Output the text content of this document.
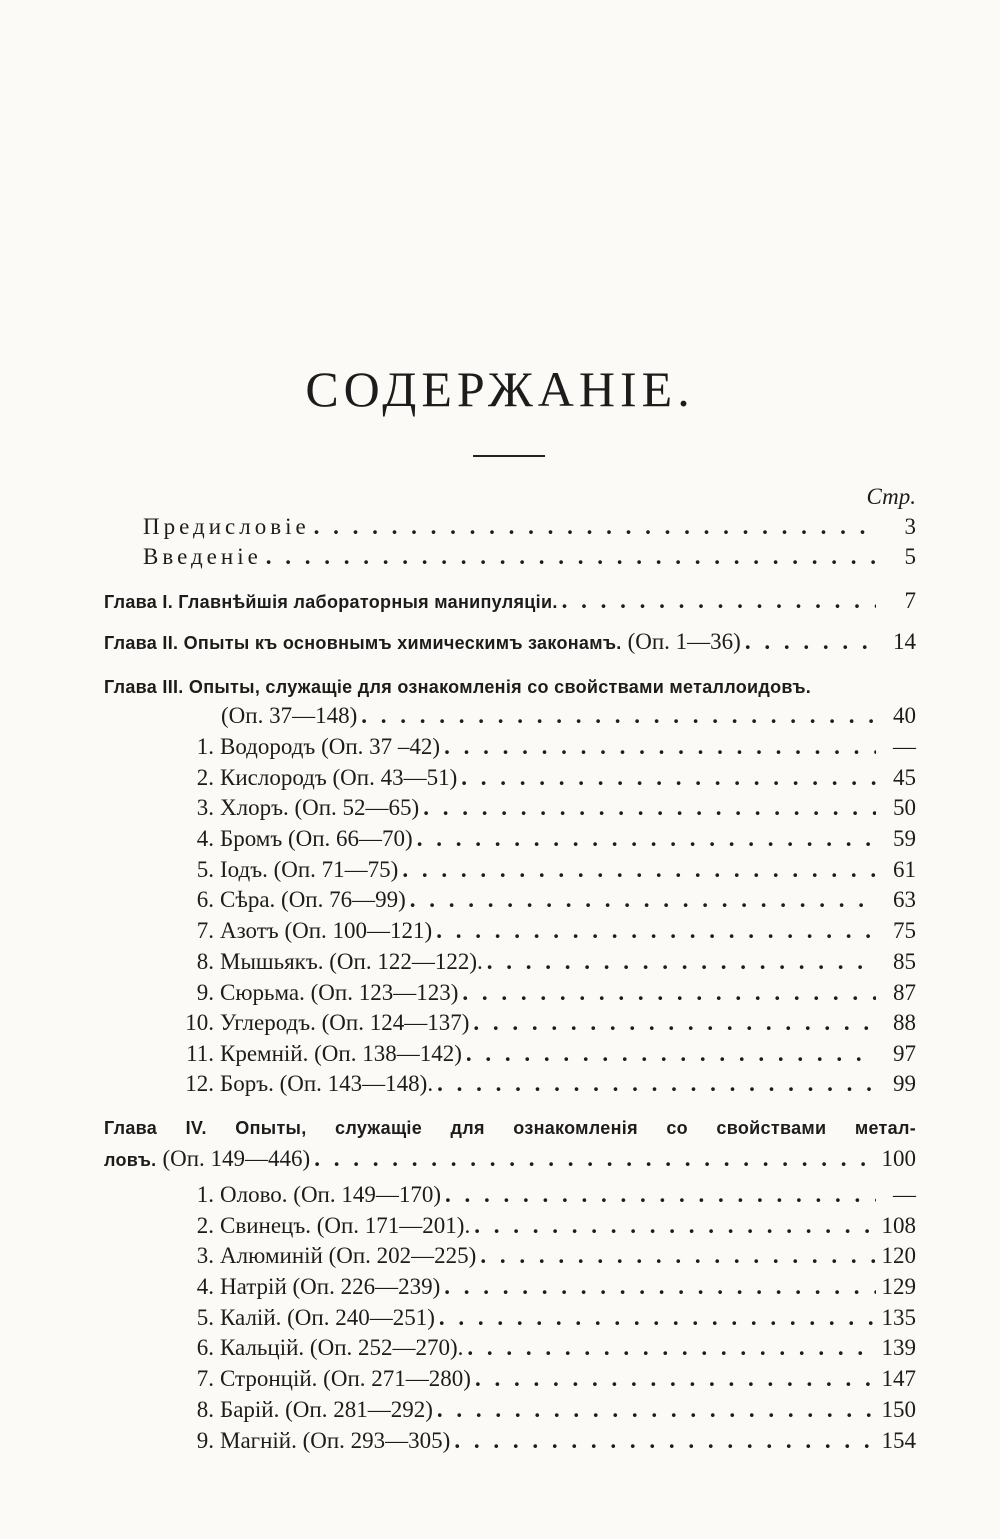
СОДЕРЖАНІЕ.
Стр.
Предисловіе . . .	3
Введеніе . . .	5
Глава I. Главнѣйшія лабораторныя манипуляціи. . . .	7
Глава II. Опыты къ основнымъ химическимъ законамъ. (Оп. 1—36) . . .	14
Глава III. Опыты, служащіе для ознакомленія со свойствами металлоидовъ.
(Оп. 37—148) . . .	40
1. Водородъ (Оп. 37 –42) . . .	—
2. Кислородъ (Оп. 43—51) . . .	45
3. Хлоръ. (Оп. 52—65) . . .	50
4. Бромъ (Оп. 66—70) . . .	59
5. Іодъ. (Оп. 71—75) . . .	61
6. Сѣра. (Оп. 76—99) . . .	63
7. Азотъ (Оп. 100—121) . . .	75
8. Мышьякъ. (Оп. 122—122). . . .	85
9. Сюрьма. (Оп. 123—123) . . .	87
10. Углеродъ. (Оп. 124—137) . . .	88
11. Кремній. (Оп. 138—142) . . .	97
12. Боръ. (Оп. 143—148). . . .	99
Глава IV. Опыты, служащіе для ознакомленія со свойствами метал-
ловъ. (Оп. 149—446) . . .	100
1. Олово. (Оп. 149—170) . . .	—
2. Свинецъ. (Оп. 171—201). . . .	108
3. Алюминій (Оп. 202—225) . . .	120
4. Натрій (Оп. 226—239) . . .	129
5. Калій. (Оп. 240—251) . . .	135
6. Кальцій. (Оп. 252—270). . . .	139
7. Стронцій. (Оп. 271—280) . . .	147
8. Барій. (Оп. 281—292) . . .	150
9. Магній. (Оп. 293—305) . . .	154
